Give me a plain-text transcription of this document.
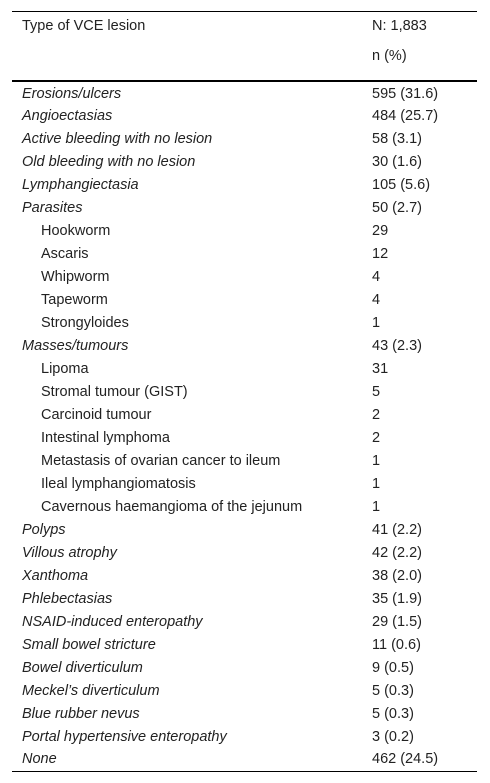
Type of VCE lesion	N: 1,883
	n (%)
Erosions/ulcers	595 (31.6)
Angioectasias	484 (25.7)
Active bleeding with no lesion	58 (3.1)
Old bleeding with no lesion	30 (1.6)
Lymphangiectasia	105 (5.6)
Parasites	50 (2.7)
Hookworm	29
Ascaris	12
Whipworm	4
Tapeworm	4
Strongyloides	1
Masses/tumours	43 (2.3)
Lipoma	31
Stromal tumour (GIST)	5
Carcinoid tumour	2
Intestinal lymphoma	2
Metastasis of ovarian cancer to ileum	1
Ileal lymphangiomatosis	1
Cavernous haemangioma of the jejunum	1
Polyps	41 (2.2)
Villous atrophy	42 (2.2)
Xanthoma	38 (2.0)
Phlebectasias	35 (1.9)
NSAID-induced enteropathy	29 (1.5)
Small bowel stricture	11 (0.6)
Bowel diverticulum	9 (0.5)
Meckel’s diverticulum	5 (0.3)
Blue rubber nevus	5 (0.3)
Portal hypertensive enteropathy	3 (0.2)
None	462 (24.5)
